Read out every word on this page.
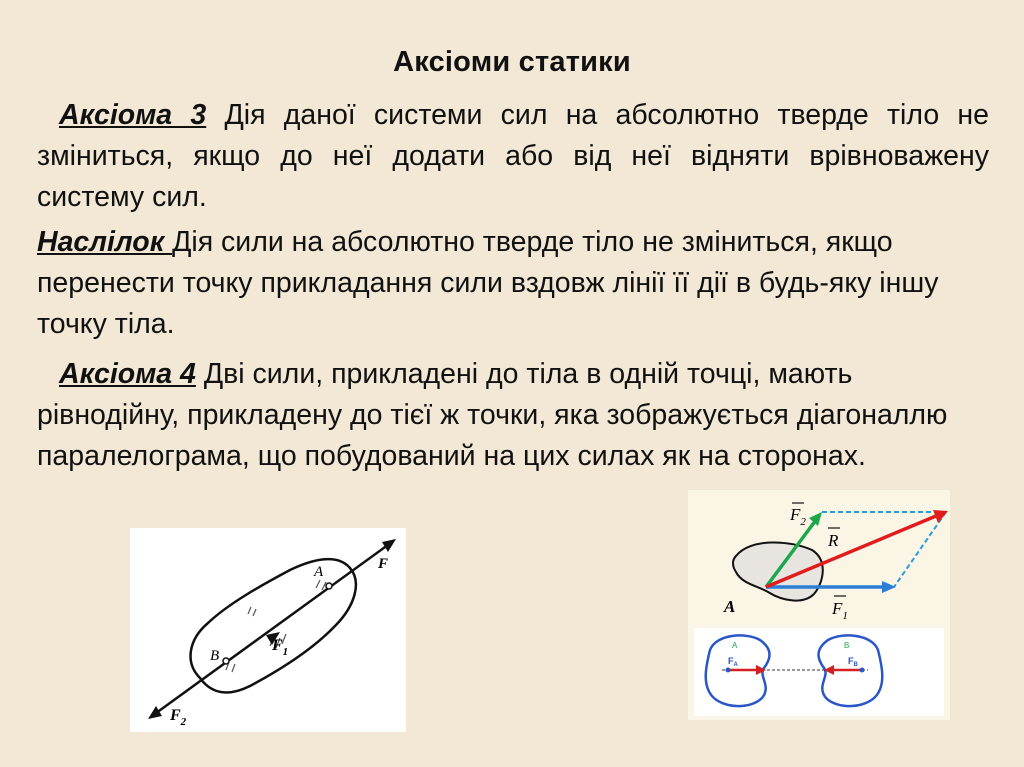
Аксіоми статики
Аксіома 3 Дія даної системи сил на абсолютно тверде тіло не зміниться, якщо до неї додати або від неї відняти врівноважену систему сил.
Наслілок Дія сили на абсолютно тверде тіло не зміниться, якщо перенести точку прикладання сили вздовж лінії її дії в будь-яку іншу точку тіла.
Аксіома 4 Дві сили, прикладені до тіла в одній точці, мають рівнодійну, прикладену до тієї ж точки, яка зображується діагоналлю паралелограма, що побудований на цих силах як на сторонах.
A
B
F
$F_1$
$F_2$
A
$F_2$
R
$F_1$
A	B
$F_A$	$F_B$
